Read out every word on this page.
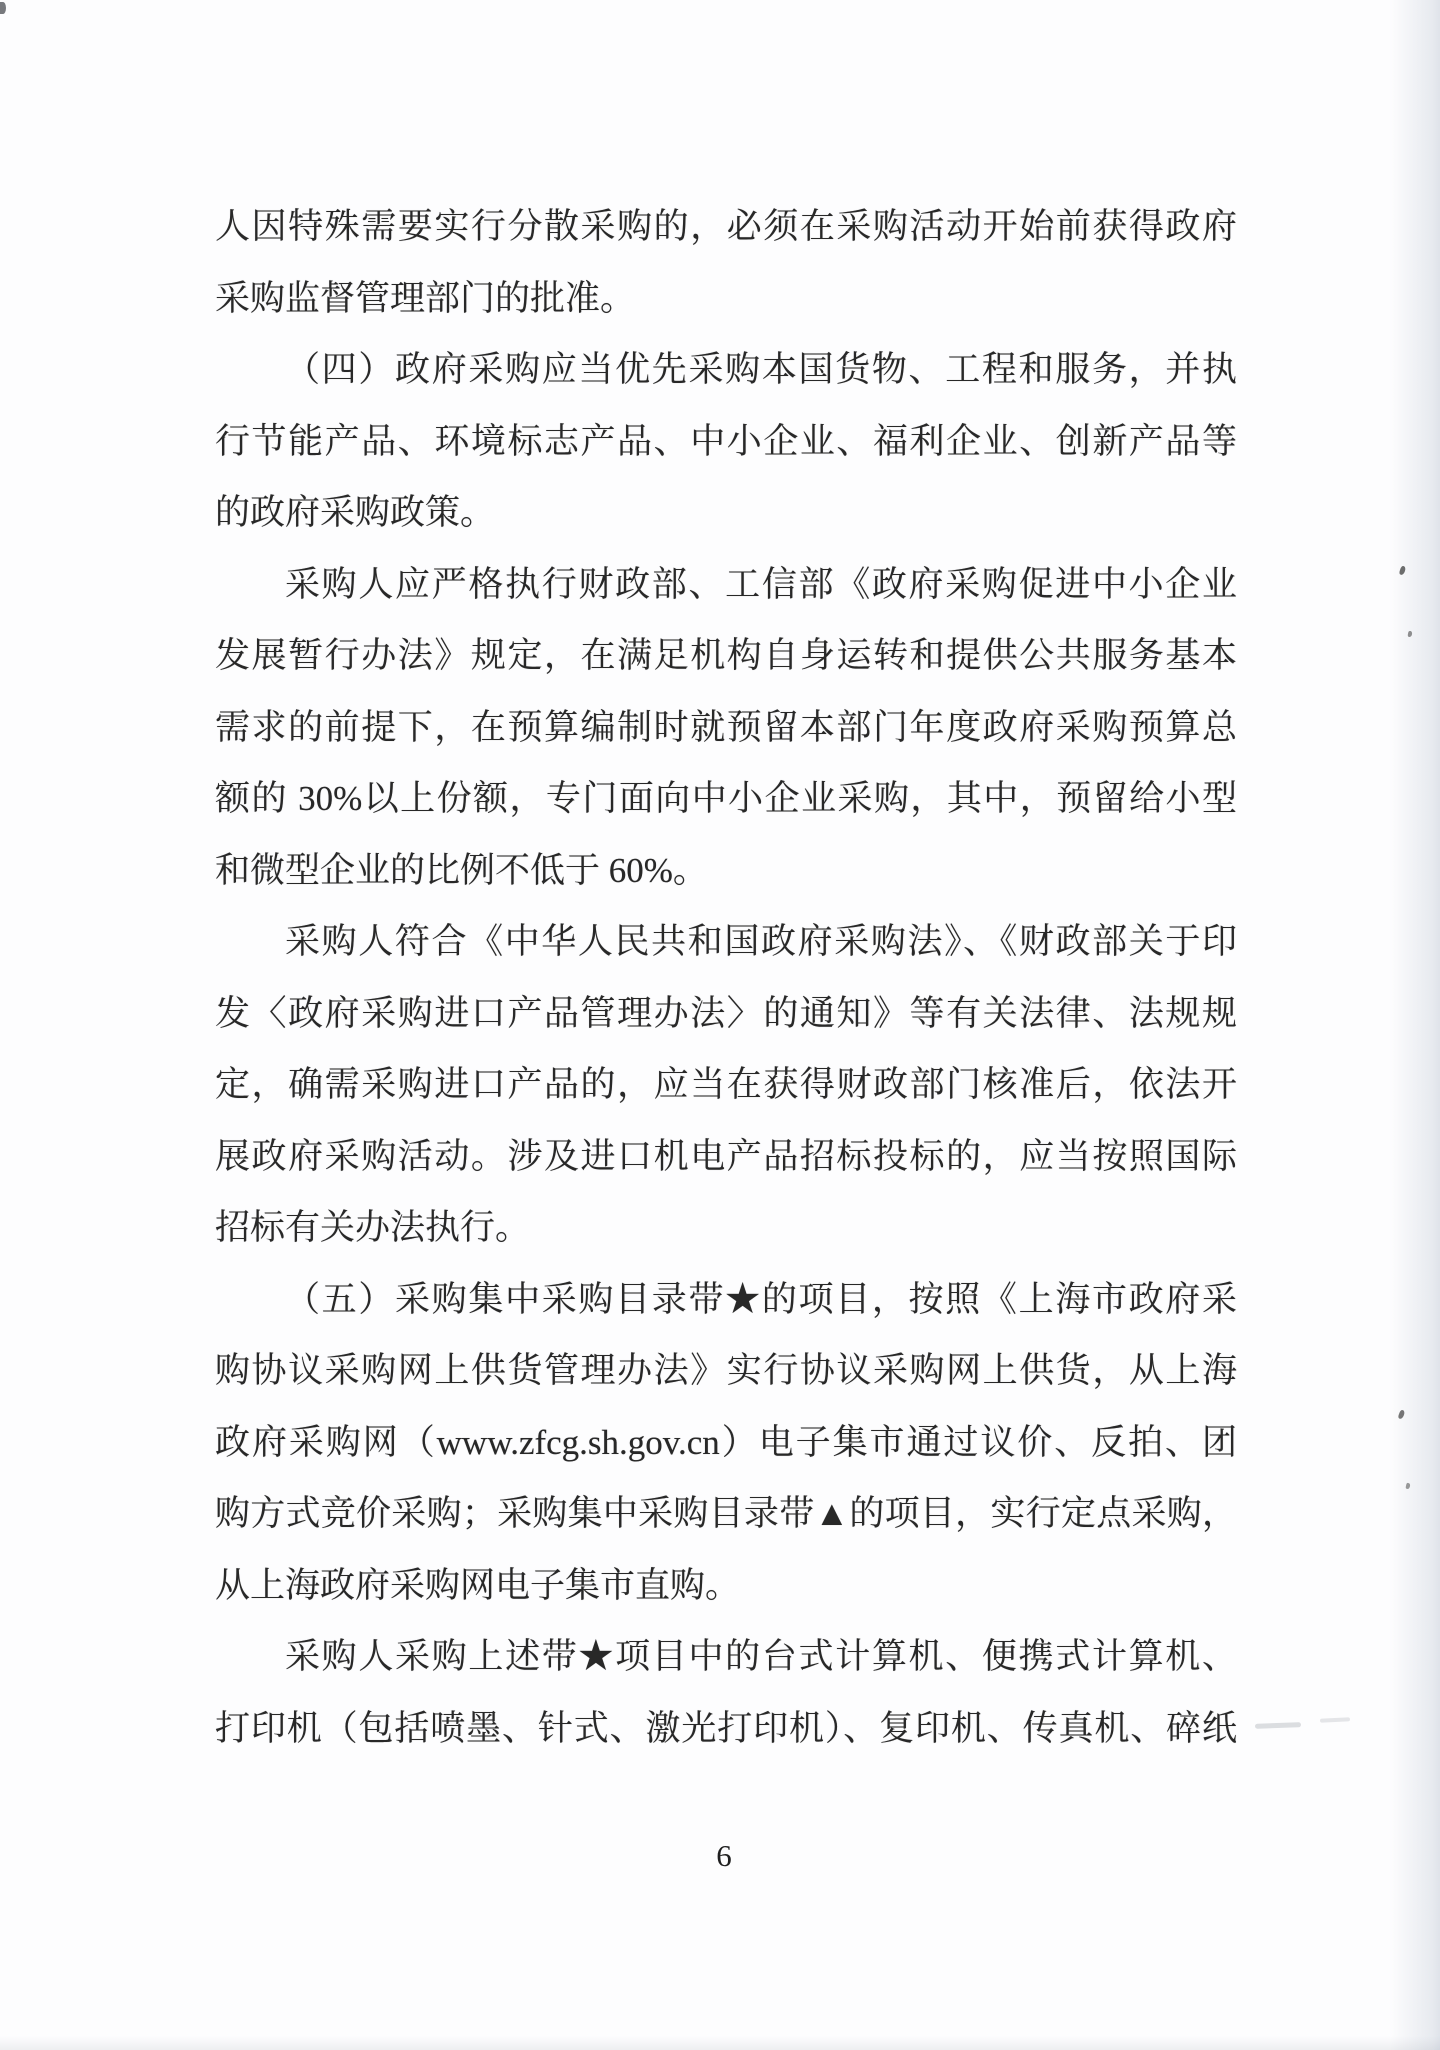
人因特殊需要实行分散采购的，必须在采购活动开始前获得政府
采购监督管理部门的批准。
（四）政府采购应当优先采购本国货物、工程和服务，并执
行节能产品、环境标志产品、中小企业、福利企业、创新产品等
的政府采购政策。
采购人应严格执行财政部、工信部《政府采购促进中小企业
发展暂行办法》规定，在满足机构自身运转和提供公共服务基本
需求的前提下，在预算编制时就预留本部门年度政府采购预算总
额的 30%以上份额，专门面向中小企业采购，其中，预留给小型
和微型企业的比例不低于 60%。
采购人符合《中华人民共和国政府采购法》、《财政部关于印
发〈政府采购进口产品管理办法〉的通知》等有关法律、法规规
定，确需采购进口产品的，应当在获得财政部门核准后，依法开
展政府采购活动。涉及进口机电产品招标投标的，应当按照国际
招标有关办法执行。
（五）采购集中采购目录带★的项目，按照《上海市政府采
购协议采购网上供货管理办法》实行协议采购网上供货，从上海
政府采购网（www.zfcg.sh.gov.cn）电子集市通过议价、反拍、团
购方式竞价采购；采购集中采购目录带▲的项目，实行定点采购，
从上海政府采购网电子集市直购。
采购人采购上述带★项目中的台式计算机、便携式计算机、
打印机（包括喷墨、针式、激光打印机）、复印机、传真机、碎纸
6
